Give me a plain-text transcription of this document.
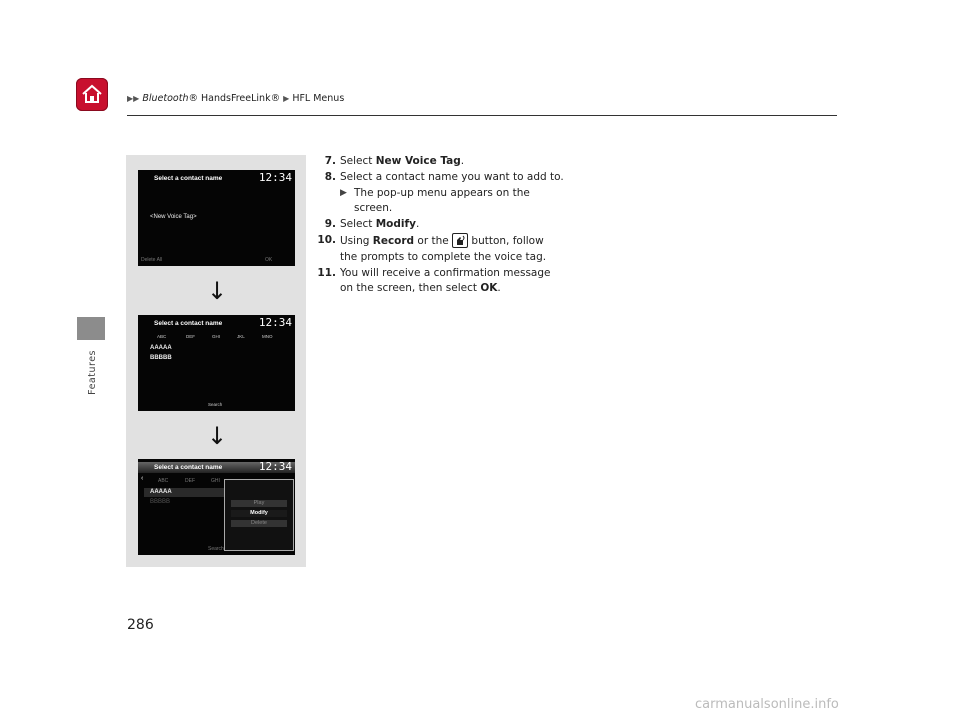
▶▶ Bluetooth® HandsFreeLink® ▶ HFL Menus
Features
Select a contact name	12:34
<New Voice Tag>
Delete All	OK
↓
Select a contact name	12:34
ABC	DEF	GHI	JKL	MNO
AAAAA
BBBBB
Search
↓
Select a contact name	12:34
‹	ABC	DEF	GHI
AAAAA
BBBBB
Search
Play
Modify
Delete
7. Select New Voice Tag.
8. Select a contact name you want to add to.
▶ The pop-up menu appears on the
screen.
9. Select Modify.
10. Using Record or the  button, follow
the prompts to complete the voice tag.
11. You will receive a confirmation message
on the screen, then select OK.
286
carmanualsonline.info
